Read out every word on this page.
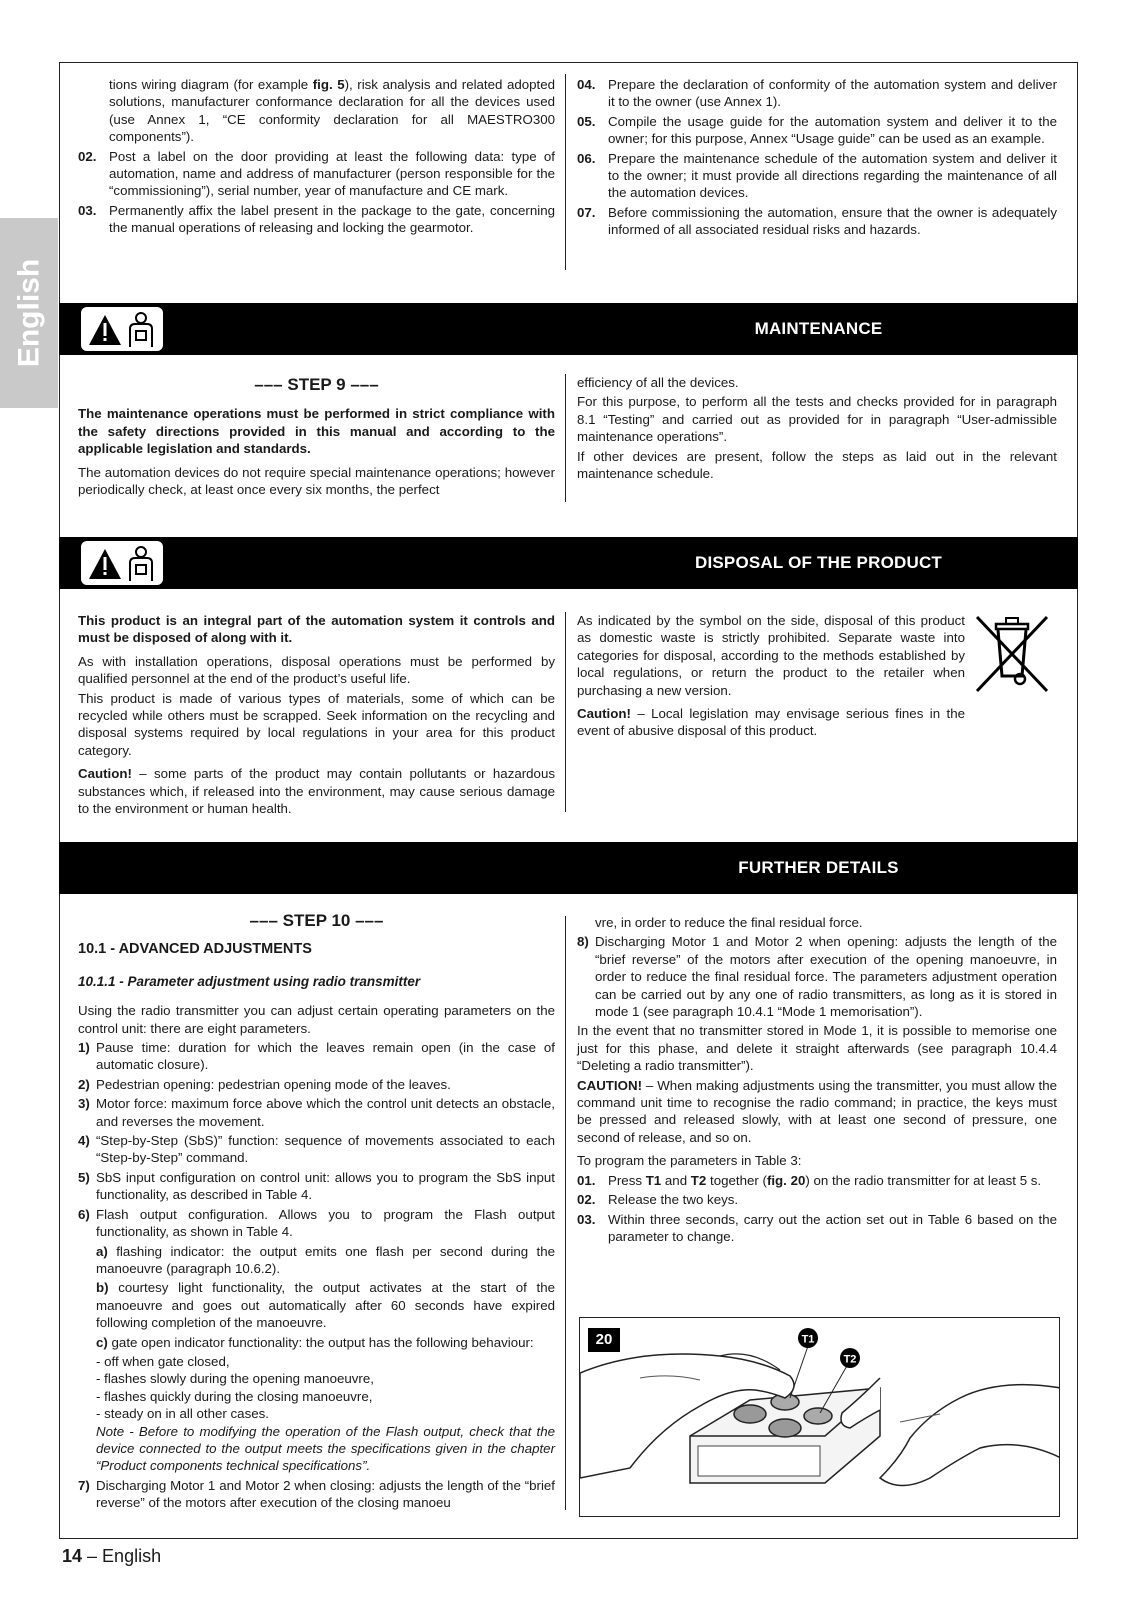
English

tions wiring diagram (for example fig. 5), risk analysis and related adopted solutions, manufacturer conformance declaration for all the devices used (use Annex 1, “CE conformity declaration for all MAESTRO300 components”).

02. Post a label on the door providing at least the following data: type of automation, name and address of manufacturer (person responsible for the “commissioning”), serial number, year of manufacture and CE mark.
03. Permanently affix the label present in the package to the gate, concerning the manual operations of releasing and locking the gearmotor.
04. Prepare the declaration of conformity of the automation system and deliver it to the owner (use Annex 1).
05. Compile the usage guide for the automation system and deliver it to the owner; for this purpose, Annex “Usage guide” can be used as an example.
06. Prepare the maintenance schedule of the automation system and deliver it to the owner; it must provide all directions regarding the maintenance of all the automation devices.
07. Before commissioning the automation, ensure that the owner is adequately informed of all associated residual risks and hazards.
MAINTENANCE
––– STEP 9 –––

The maintenance operations must be performed in strict compliance with the safety directions provided in this manual and according to the applicable legislation and standards.

The automation devices do not require special maintenance operations; however periodically check, at least once every six months, the perfect

efficiency of all the devices.

For this purpose, to perform all the tests and checks provided for in paragraph 8.1 “Testing” and carried out as provided for in paragraph “User-admissible maintenance operations”.

If other devices are present, follow the steps as laid out in the relevant maintenance schedule.

DISPOSAL OF THE PRODUCT

This product is an integral part of the automation system it controls and must be disposed of along with it.

As with installation operations, disposal operations must be performed by qualified personnel at the end of the product’s useful life.

This product is made of various types of materials, some of which can be recycled while others must be scrapped. Seek information on the recycling and disposal systems required by local regulations in your area for this product category.

Caution! – some parts of the product may contain pollutants or hazardous substances which, if released into the environment, may cause serious damage to the environment or human health.

As indicated by the symbol on the side, disposal of this product as domestic waste is strictly prohibited. Separate waste into categories for disposal, according to the methods established by local regulations, or return the product to the retailer when purchasing a new version.

Caution! – Local legislation may envisage serious fines in the event of abusive disposal of this product.

FURTHER DETAILS
––– STEP 10 –––
10.1 - ADVANCED ADJUSTMENTS
10.1.1 - Parameter adjustment using radio transmitter

Using the radio transmitter you can adjust certain operating parameters on the control unit: there are eight parameters.

1) Pause time: duration for which the leaves remain open (in the case of automatic closure).
2) Pedestrian opening: pedestrian opening mode of the leaves.
3) Motor force: maximum force above which the control unit detects an obstacle, and reverses the movement.
4) “Step-by-Step (SbS)” function: sequence of movements associated to each “Step-by-Step” command.
5) SbS input configuration on control unit: allows you to program the SbS input functionality, as described in Table 4.
6) Flash output configuration. Allows you to program the Flash output functionality, as shown in Table 4.

a) flashing indicator: the output emits one flash per second during the manoeuvre (paragraph 10.6.2).

b) courtesy light functionality, the output activates at the start of the manoeuvre and goes out automatically after 60 seconds have expired following completion of the manoeuvre.

c) gate open indicator functionality: the output has the following behaviour:

- off when gate closed,
- flashes slowly during the opening manoeuvre,
- flashes quickly during the closing manoeuvre,
- steady on in all other cases.

Note - Before to modifying the operation of the Flash output, check that the device connected to the output meets the specifications given in the chapter “Product components technical specifications”.

7) Discharging Motor 1 and Motor 2 when closing: adjusts the length of the “brief reverse” of the motors after execution of the closing manoeu

vre, in order to reduce the final residual force.

8) Discharging Motor 1 and Motor 2 when opening: adjusts the length of the “brief reverse” of the motors after execution of the opening manoeuvre, in order to reduce the final residual force. The parameters adjustment operation can be carried out by any one of radio transmitters, as long as it is stored in mode 1 (see paragraph 10.4.1 “Mode 1 memorisation”).

In the event that no transmitter stored in Mode 1, it is possible to memorise one just for this phase, and delete it straight afterwards (see paragraph 10.4.4 “Deleting a radio transmitter”).

CAUTION! – When making adjustments using the transmitter, you must allow the command unit time to recognise the radio command; in practice, the keys must be pressed and released slowly, with at least one second of pressure, one second of release, and so on.

To program the parameters in Table 3:

01. Press T1 and T2 together (fig. 20) on the radio transmitter for at least 5 s.
02. Release the two keys.
03. Within three seconds, carry out the action set out in Table 6 based on the parameter to change.
20	T1
T2
14 – English
